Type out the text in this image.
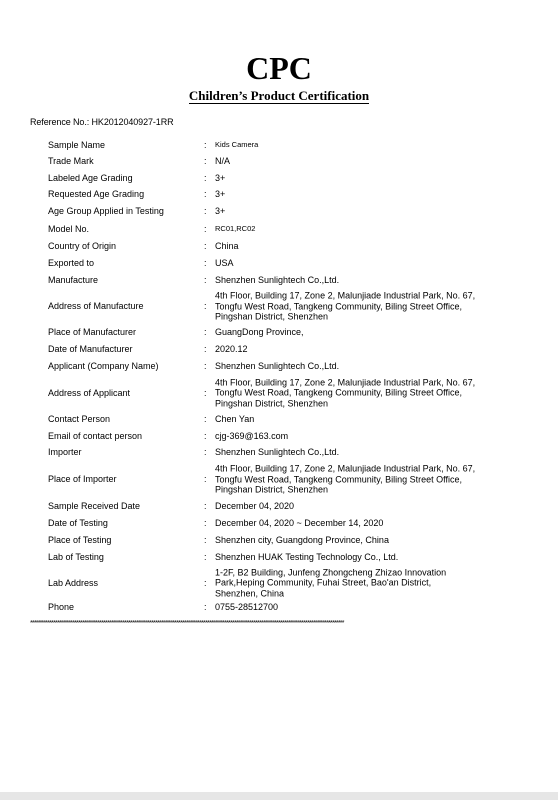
CPC
Children’s Product Certification
Reference No.: HK2012040927-1RR
Sample Name	: Kids Camera
Trade Mark	: N/A
Labeled Age Grading	: 3+
Requested Age Grading	: 3+
Age Group Applied in Testing	: 3+
Model No.	: RC01,RC02
Country of Origin	: China
Exported to	: USA
Manufacture	: Shenzhen Sunlightech Co.,Ltd.
Address of Manufacture	:
4th Floor, Building 17, Zone 2, Malunjiade Industrial Park, No. 67,
Tongfu West Road, Tangkeng Community, Biling Street Office,
Pingshan District, Shenzhen
Place of Manufacturer	: GuangDong Province,
Date of Manufacturer	: 2020.12
Applicant (Company Name)	: Shenzhen Sunlightech Co.,Ltd.
Address of Applicant	:
4th Floor, Building 17, Zone 2, Malunjiade Industrial Park, No. 67,
Tongfu West Road, Tangkeng Community, Biling Street Office,
Pingshan District, Shenzhen
Contact Person	: Chen Yan
Email of contact person	: cjg-369@163.com
Importer	: Shenzhen Sunlightech Co.,Ltd.
Place of Importer	:
4th Floor, Building 17, Zone 2, Malunjiade Industrial Park, No. 67,
Tongfu West Road, Tangkeng Community, Biling Street Office,
Pingshan District, Shenzhen
Sample Received Date	: December 04, 2020
Date of Testing	: December 04, 2020 ~ December 14, 2020
Place of Testing	: Shenzhen city, Guangdong Province, China
Lab of Testing	: Shenzhen HUAK Testing Technology Co., Ltd.
Lab Address	:
1-2F, B2 Building, Junfeng Zhongcheng Zhizao Innovation
Park,Heping Community, Fuhai Street, Bao'an District,
Shenzhen, China
Phone	: 0755-28512700
*******************************************************************************************************************************************************************
